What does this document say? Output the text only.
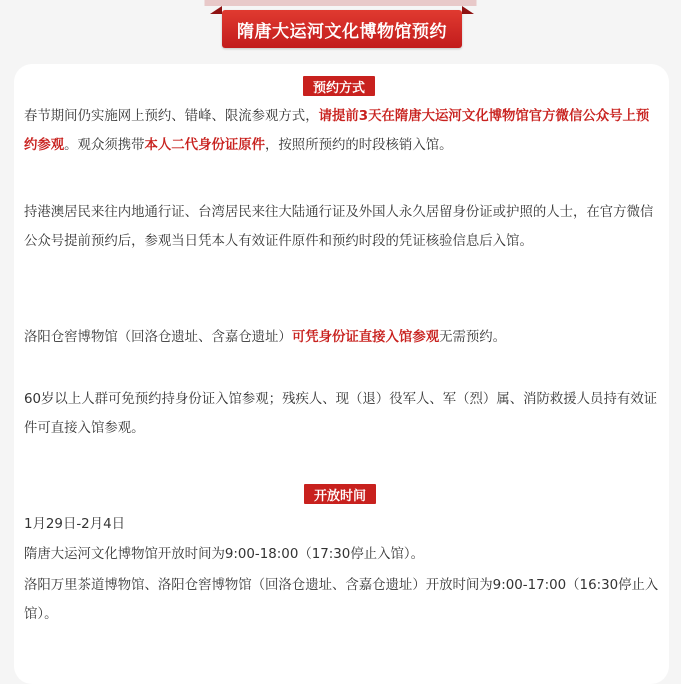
隋唐大运河文化博物馆预约
预约方式

春节期间仍实施网上预约、错峰、限流参观方式，请提前3天在隋唐大运河文化博物馆官方微信公众号上预约参观。观众须携带本人二代身份证原件，按照所预约的时段核销入馆。

持港澳居民来往内地通行证、台湾居民来往大陆通行证及外国人永久居留身份证或护照的人士，在官方微信公众号提前预约后，参观当日凭本人有效证件原件和预约时段的凭证核验信息后入馆。

洛阳仓窖博物馆（回洛仓遗址、含嘉仓遗址）可凭身份证直接入馆参观无需预约。

60岁以上人群可免预约持身份证入馆参观；残疾人、现（退）役军人、军（烈）属、消防救援人员持有效证件可直接入馆参观。

开放时间

1月29日-2月4日

隋唐大运河文化博物馆开放时间为9:00-18:00（17:30停止入馆）。

洛阳万里茶道博物馆、洛阳仓窖博物馆（回洛仓遗址、含嘉仓遗址）开放时间为9:00-17:00（16:30停止入馆）。
